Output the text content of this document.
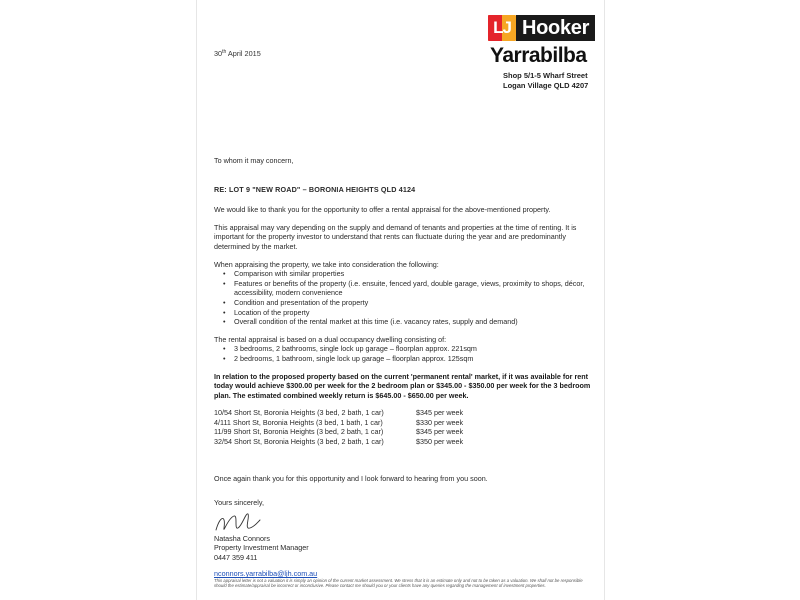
LJ Hooker
Yarrabilba
Shop 5/1-5 Wharf Street
Logan Village QLD 4207
30th April 2015
To whom it may concern,
RE: LOT 9 "NEW ROAD" – BORONIA HEIGHTS QLD 4124
We would like to thank you for the opportunity to offer a rental appraisal for the above-mentioned property.
This appraisal may vary depending on the supply and demand of tenants and properties at the time of renting. It is important for the property investor to understand that rents can fluctuate during the year and are predominantly determined by the market.
When appraising the property, we take into consideration the following:
• Comparison with similar properties
• Features or benefits of the property (i.e. ensuite, fenced yard, double garage, views, proximity to shops, décor, accessibility, modern convenience
• Condition and presentation of the property
• Location of the property
• Overall condition of the rental market at this time (i.e. vacancy rates, supply and demand)
The rental appraisal is based on a dual occupancy dwelling consisting of:
• 3 bedrooms, 2 bathrooms, single lock up garage – floorplan approx. 221sqm
• 2 bedrooms, 1 bathroom, single lock up garage – floorplan approx. 125sqm
In relation to the proposed property based on the current 'permanent rental' market, if it was available for rent today would achieve $300.00 per week for the 2 bedroom plan or $345.00 - $350.00 per week for the 3 bedroom plan. The estimated combined weekly return is $645.00 - $650.00 per week.
10/54 Short St, Boronia Heights (3 bed, 2 bath, 1 car)	$345 per week
4/111 Short St, Boronia Heights (3 bed, 1 bath, 1 car)	$330 per week
11/99 Short St, Boronia Heights (3 bed, 2 bath, 1 car)	$345 per week
32/54 Short St, Boronia Heights (3 bed, 2 bath, 1 car)	$350 per week
Once again thank you for this opportunity and I look forward to hearing from you soon.
Yours sincerely,
Natasha Connors
Property Investment Manager
0447 359 411
nconnors.yarrabilba@ljh.com.au
This appraisal letter is not a valuation it is simply an opinion of the current market assessment. We stress that it is an estimate only and not to be taken as a valuation. We shall not be responsible should the estimate/appraisal be incorrect or inconclusive. Please contact me should you or your clients have any queries regarding the management of investment properties.
